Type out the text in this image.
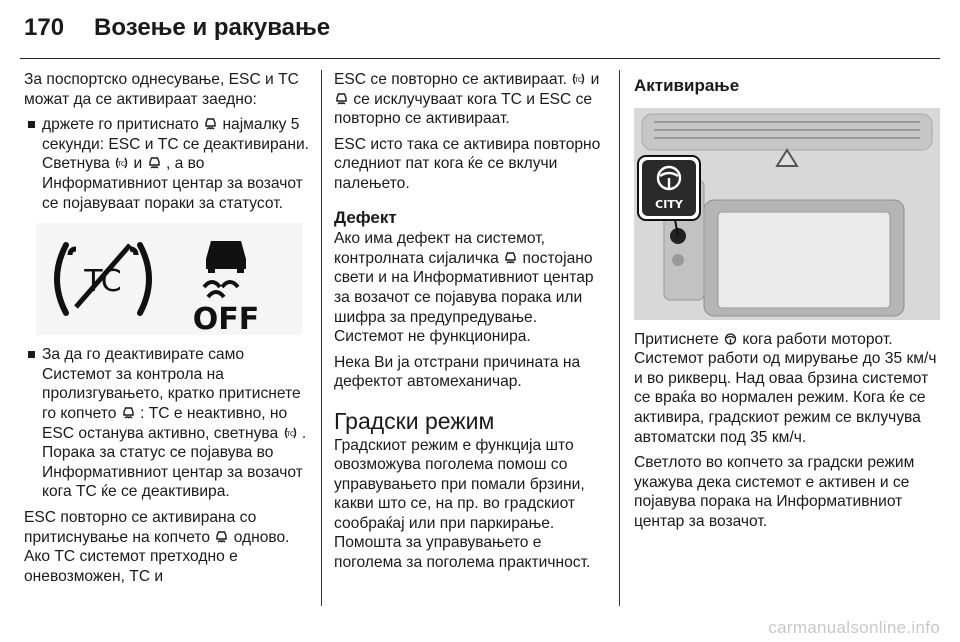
170 Возење и ракување

За поспортско однесување, ESC и TC можат да се активираат заедно:

држете го притиснато најмалку 5 секунди: ESC и TC се деактивирани. Светнува TC и , а во Информативниот центар за возачот се појавуваат пораки за статусот.
TC
OFF
За да го деактивирате само Системот за контрола на пролизгувањето, кратко притиснете го копчето : TC е неактивно, но ESC останува активно, светнува TC . Порака за статус се појавува во Информативниот центар за возачот кога TC ќе се деактивира.

ESC повторно се активирана со притиснување на копчето одново. Ако TC системот претходно е оневозможен, TC и

ESC се повторно се активираат. TC и  се исклучуваат кога TC и ESC се повторно се активираат.

ESC исто така се активира повторно следниот пат кога ќе се вклучи палењето.

Дефект

Ако има дефект на системот, контролната сијаличка постојано свети и на Информативниот центар за возачот се појавува порака или шифра за предупредување. Системот не функционира.

Нека Ви ја отстрани причината на дефектот автомеханичар.

Градски режим

Градскиот режим е функција што овозможува поголема помош со управувањето при помали брзини, какви што се, на пр. во градскиот сообраќај или при паркирање. Помошта за управувањето е поголема за поголема практичност.

Активирање
CITY

Притиснете кога работи моторот. Системот работи од мирување до 35 км/ч и во рикверц. Над оваа брзина системот се враќа во нормален режим. Кога ќе се активира, градскиот режим се вклучува автоматски под 35 км/ч.

Светлото во копчето за градски режим укажува дека системот е активен и се појавува порака на Информативниот центар за возачот.

carmanualsonline.info
